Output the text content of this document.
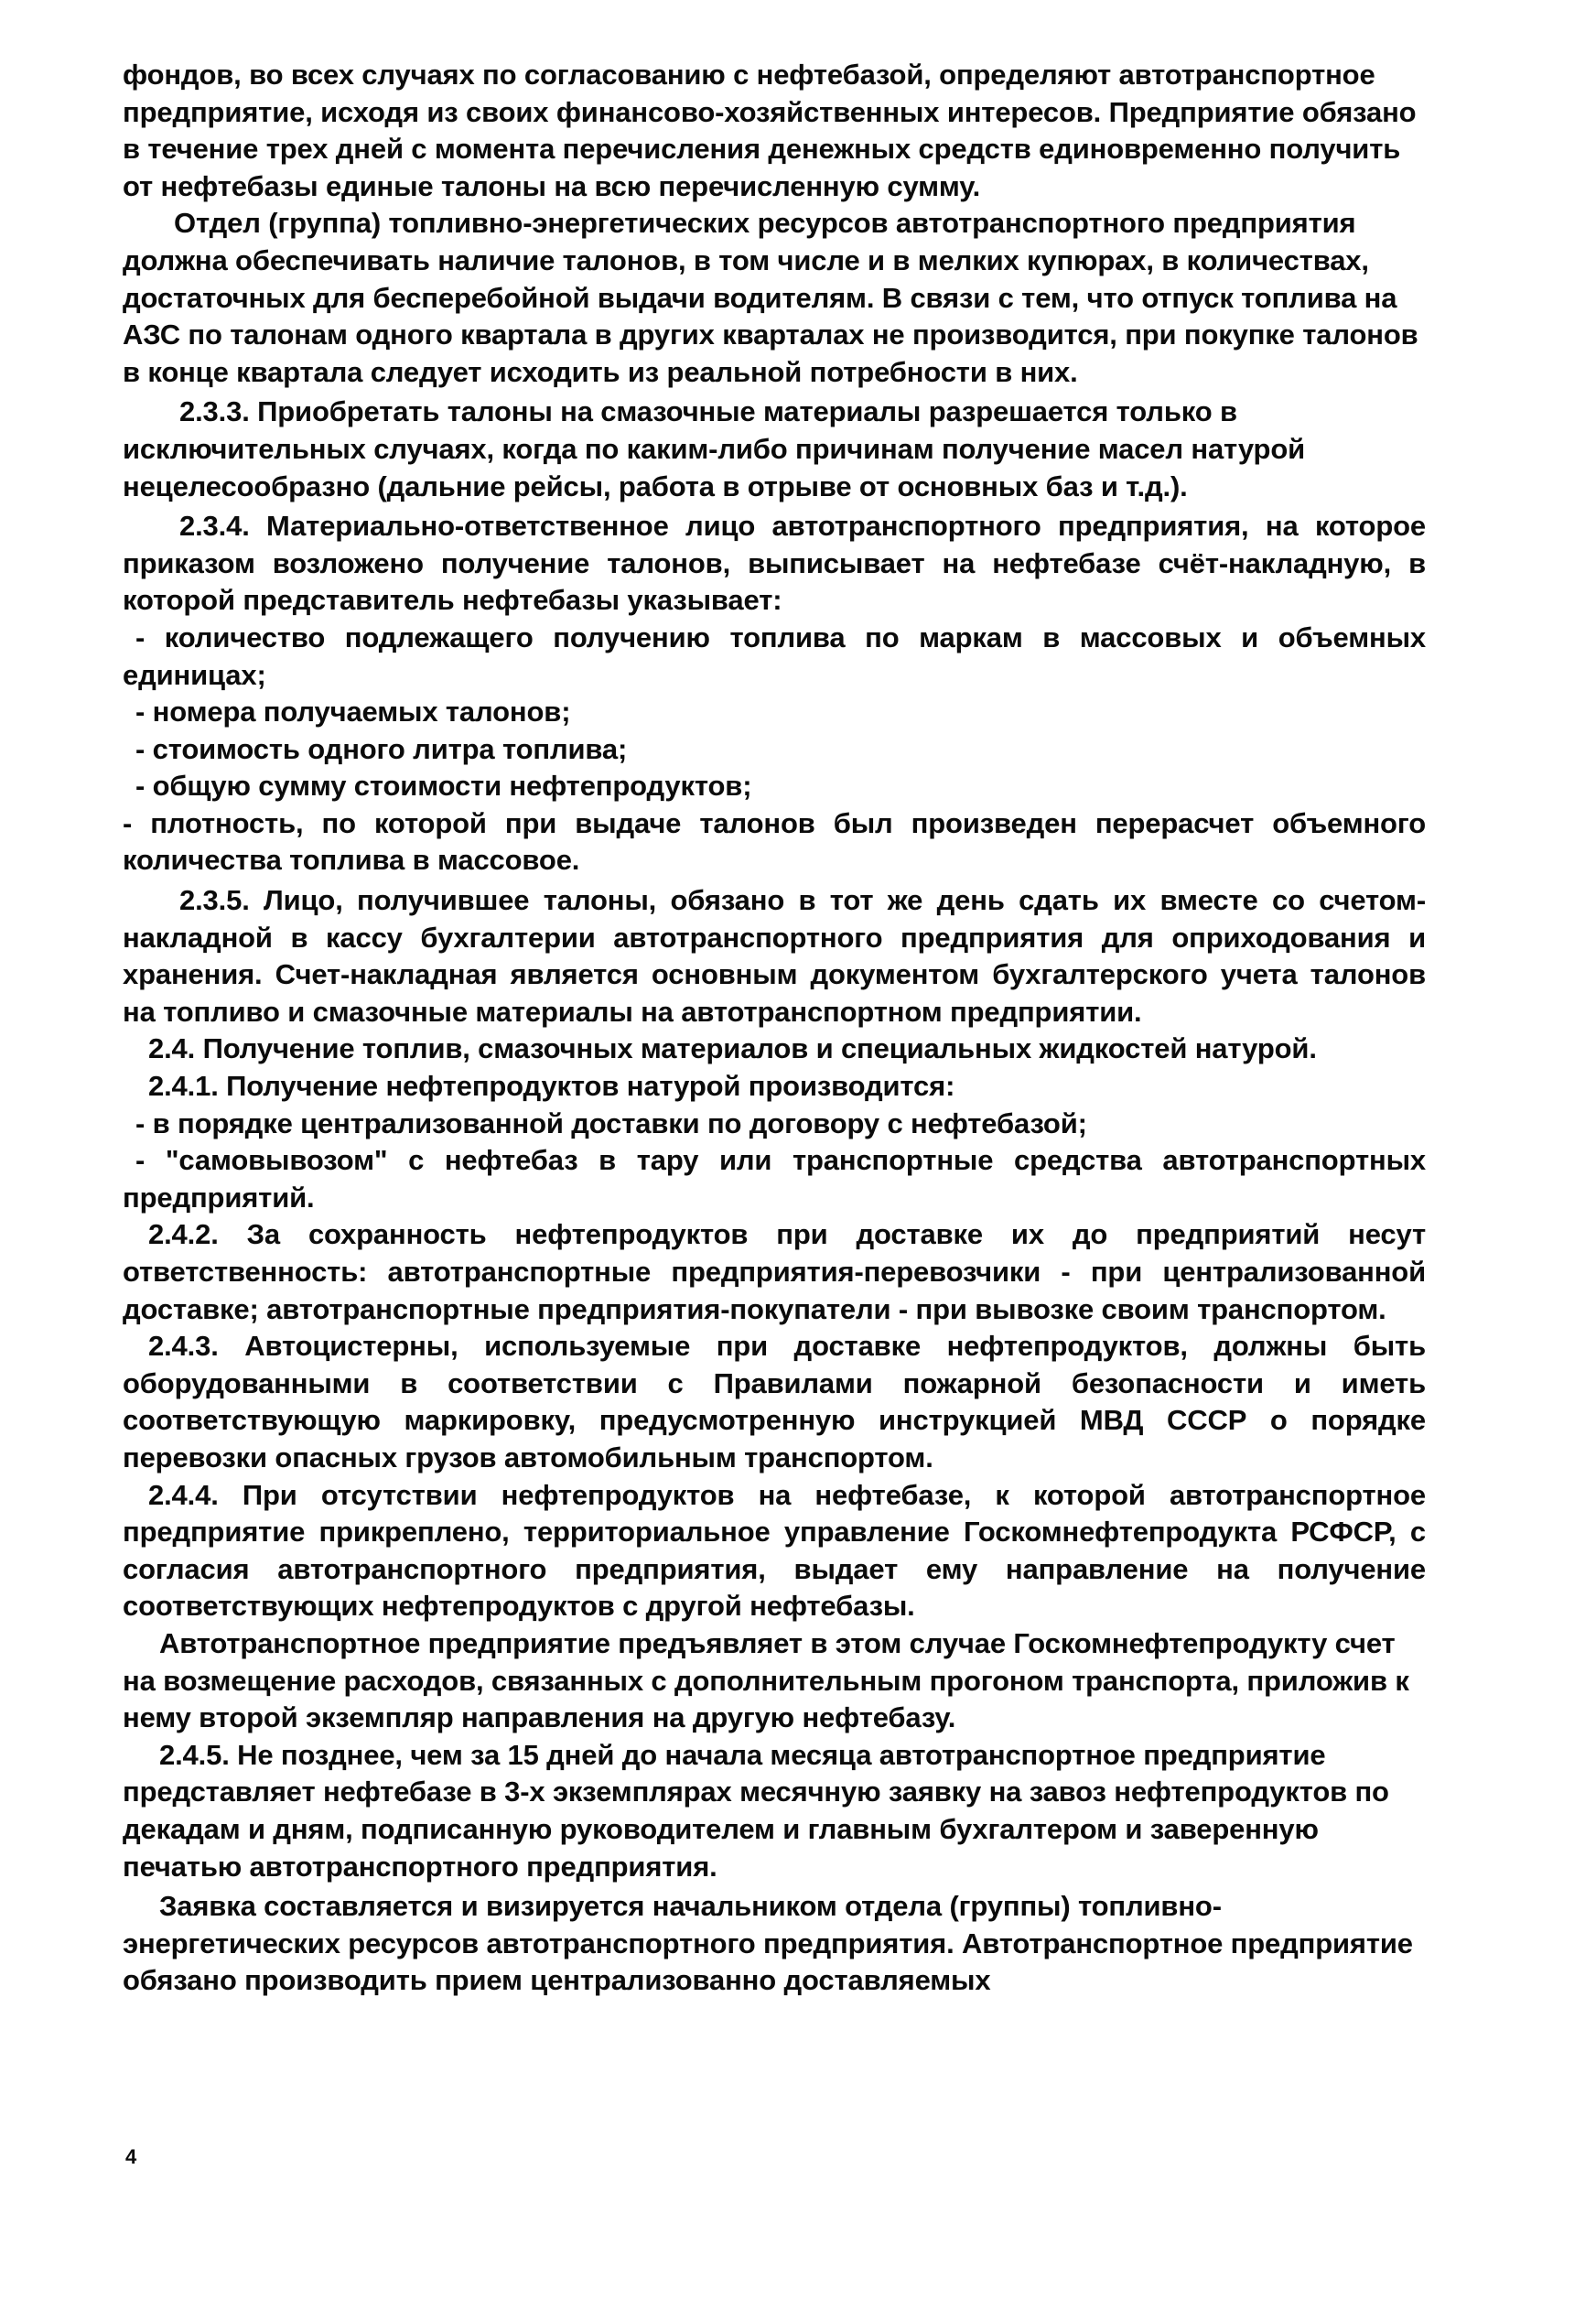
фондов, во всех случаях по согласованию с нефтебазой, определяют автотранспортное предприятие, исходя из своих финансово-хозяйственных интересов. Предприятие обязано в течение трех дней с момента перечисления денежных средств единовременно получить от нефтебазы единые талоны на всю перечисленную сумму.

Отдел (группа) топливно-энергетических ресурсов автотранспортного предприятия должна обеспечивать наличие талонов, в том числе и в мелких купюрах, в количествах, достаточных для бесперебойной выдачи водителям. В связи с тем, что отпуск топлива на АЗС по талонам одного квартала в других кварталах не производится, при покупке талонов в конце квартала следует исходить из реальной потребности в них.

2.3.3. Приобретать талоны на смазочные материалы разрешается только в исключительных случаях, когда по каким-либо причинам получение масел натурой нецелесообразно (дальние рейсы, работа в отрыве от основных баз и т.д.).

2.3.4. Материально-ответственное лицо автотранспортного предприятия, на которое приказом возложено получение талонов, выписывает на нефтебазе счёт-накладную, в которой представитель нефтебазы указывает:

- количество подлежащего получению топлива по маркам в массовых и объемных единицах;

- номера получаемых талонов;

- стоимость одного литра топлива;

- общую сумму стоимости нефтепродуктов;

- плотность, по которой при выдаче талонов был произведен перерасчет объемного количества топлива в массовое.

2.3.5. Лицо, получившее талоны, обязано в тот же день сдать их вместе со счетом-накладной в кассу бухгалтерии автотранспортного предприятия для оприходования и хранения. Счет-накладная является основным документом бухгалтерского учета талонов на топливо и смазочные материалы на автотранспортном предприятии.

2.4. Получение топлив, смазочных материалов и специальных жидкостей натурой.

2.4.1. Получение нефтепродуктов натурой производится:

- в порядке централизованной доставки по договору с нефтебазой;

- "самовывозом" с нефтебаз в тару или транспортные средства автотранспортных предприятий.

2.4.2. За сохранность нефтепродуктов при доставке их до предприятий несут ответственность: автотранспортные предприятия-перевозчики - при централизованной доставке; автотранспортные предприятия-покупатели - при вывозке своим транспортом.

2.4.3. Автоцистерны, используемые при доставке нефтепродуктов, должны быть оборудованными в соответствии с Правилами пожарной безопасности и иметь соответствующую маркировку, предусмотренную инструкцией МВД СССР о порядке перевозки опасных грузов автомобильным транспортом.

2.4.4. При отсутствии нефтепродуктов на нефтебазе, к которой автотранспортное предприятие прикреплено, территориальное управление Госкомнефтепродукта РСФСР, с согласия автотранспортного предприятия, выдает ему направление на получение соответствующих нефтепродуктов с другой нефтебазы.

Автотранспортное предприятие предъявляет в этом случае Госкомнефтепродукту счет на возмещение расходов, связанных с дополнительным прогоном транспорта, приложив к нему второй экземпляр направления на другую нефтебазу.

2.4.5. Не позднее, чем за 15 дней до начала месяца автотранспортное предприятие представляет нефтебазе в 3-х экземплярах месячную заявку на завоз нефтепродуктов по декадам и дням, подписанную руководителем и главным бухгалтером и заверенную печатью автотранспортного предприятия.

Заявка составляется и визируется начальником отдела (группы) топливно-энергетических ресурсов автотранспортного предприятия. Автотранспортное предприятие обязано производить прием централизованно доставляемых

4
